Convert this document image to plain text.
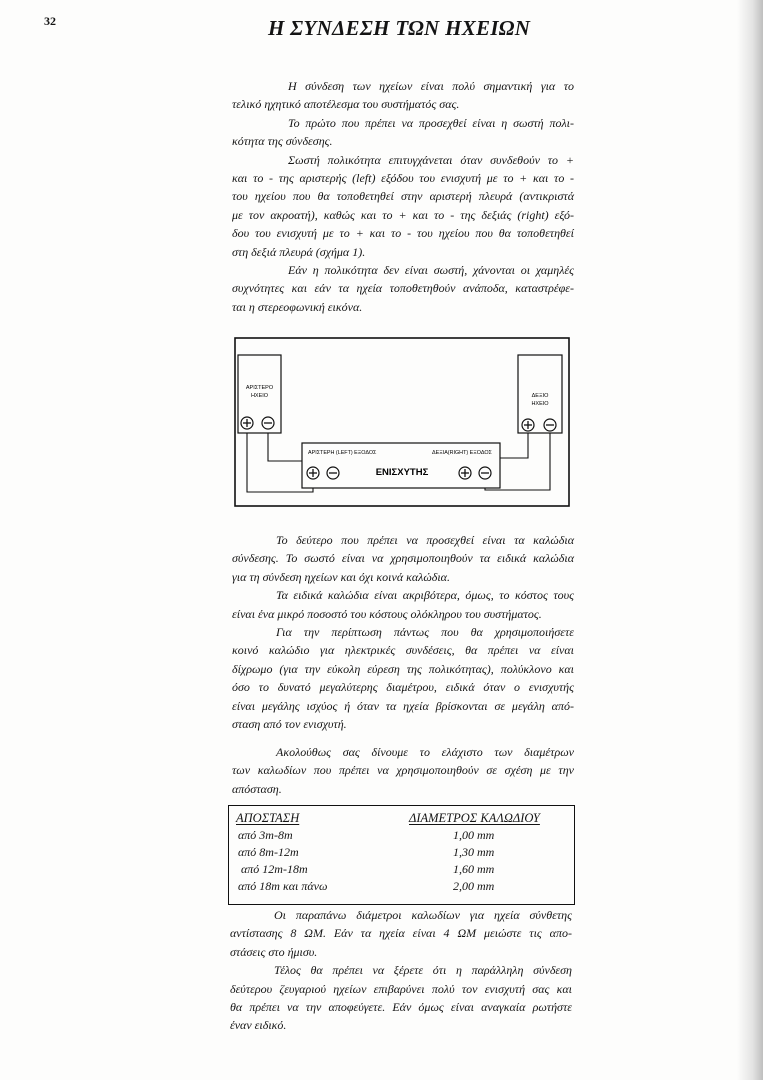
32	Η ΣΥΝΔΕΣΗ ΤΩΝ ΗΧΕΙΩΝ
Η σύνδεση των ηχείων είναι πολύ σημαντική για το
τελικό ηχητικό αποτέλεσμα του συστήματός σας.
Το πρώτο που πρέπει να προσεχθεί είναι η σωστή πολι-
κότητα της σύνδεσης.
Σωστή πολικότητα επιτυγχάνεται όταν συνδεθούν το +
και το - της αριστερής (left) εξόδου του ενισχυτή με το + και το -
του ηχείου που θα τοποθετηθεί στην αριστερή πλευρά (αντικριστά
με τον ακροατή), καθώς και το + και το - της δεξιάς (right) εξό-
δου του ενισχυτή με το + και το - του ηχείου που θα τοποθετηθεί
στη δεξιά πλευρά (σχήμα 1).
Εάν η πολικότητα δεν είναι σωστή, χάνονται οι χαμηλές
συχνότητες και εάν τα ηχεία τοποθετηθούν ανάποδα, καταστρέφε-
ται η στερεοφωνική εικόνα.
ΑΡΙΣΤΕΡΟ
ΗΧΕΙΟ	ΔΕΞΙΟ
ΗΧΕΙΟ
ΑΡΙΣΤΕΡΗ (LEFT) ΕΞΟΔΟΣ	ΔΕΞΙΑ(RIGHT) ΕΞΟΔΟΣ
ΕΝΙΣΧΥΤΗΣ
Το δεύτερο που πρέπει να προσεχθεί είναι τα καλώδια
σύνδεσης. Το σωστό είναι να χρησιμοποιηθούν τα ειδικά καλώδια
για τη σύνδεση ηχείων και όχι κοινά καλώδια.
Τα ειδικά καλώδια είναι ακριβότερα, όμως, το κόστος τους
είναι ένα μικρό ποσοστό του κόστους ολόκληρου του συστήματος.
Για την περίπτωση πάντως που θα χρησιμοποιήσετε
κοινό καλώδιο για ηλεκτρικές συνδέσεις, θα πρέπει να είναι
δίχρωμο (για την εύκολη εύρεση της πολικότητας), πολύκλονο και
όσο το δυνατό μεγαλύτερης διαμέτρου, ειδικά όταν ο ενισχυτής
είναι μεγάλης ισχύος ή όταν τα ηχεία βρίσκονται σε μεγάλη από-
σταση από τον ενισχυτή.
Ακολούθως σας δίνουμε το ελάχιστο των διαμέτρων
των καλωδίων που πρέπει να χρησιμοποιηθούν σε σχέση με την
απόσταση.
ΑΠΟΣΤΑΣΗ	ΔΙΑΜΕΤΡΟΣ ΚΑΛΩΔΙΟΥ
από 3m-8m	1,00 mm
από 8m-12m	1,30 mm
από 12m-18m	1,60 mm
από 18m και πάνω	2,00 mm
Οι παραπάνω διάμετροι καλωδίων για ηχεία σύνθετης
αντίστασης 8 ΩΜ. Εάν τα ηχεία είναι 4 ΩΜ μειώστε τις απο-
στάσεις στο ήμισυ.
Τέλος θα πρέπει να ξέρετε ότι η παράλληλη σύνδεση
δεύτερου ζευγαριού ηχείων επιβαρύνει πολύ τον ενισχυτή σας και
θα πρέπει να την αποφεύγετε. Εάν όμως είναι αναγκαία ρωτήστε
έναν ειδικό.
